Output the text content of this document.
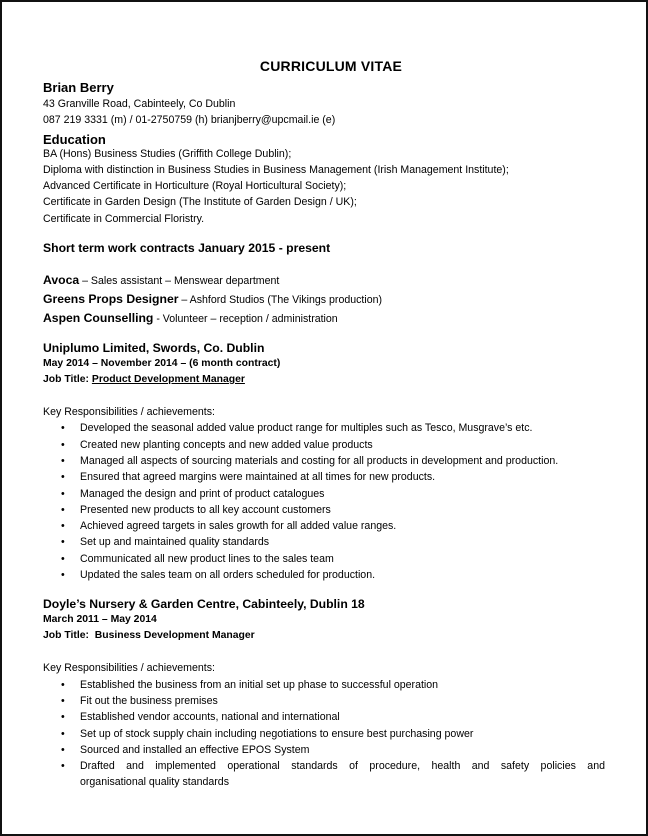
CURRICULUM VITAE
Brian Berry
43 Granville Road, Cabinteely, Co Dublin
087 219 3331 (m) / 01-2750759 (h) brianjberry@upcmail.ie (e)
Education
BA (Hons) Business Studies (Griffith College Dublin);
Diploma with distinction in Business Studies in Business Management (Irish Management Institute);
Advanced Certificate in Horticulture (Royal Horticultural Society);
Certificate in Garden Design (The Institute of Garden Design / UK);
Certificate in Commercial Floristry.
Short term work contracts January 2015 - present
Avoca – Sales assistant – Menswear department
Greens Props Designer – Ashford Studios (The Vikings production)
Aspen Counselling - Volunteer – reception / administration
Uniplumo Limited, Swords, Co. Dublin
May 2014 – November 2014 – (6 month contract)
Job Title: Product Development Manager
Key Responsibilities / achievements:
• Developed the seasonal added value product range for multiples such as Tesco, Musgrave’s etc.
• Created new planting concepts and new added value products
• Managed all aspects of sourcing materials and costing for all products in development and production.
• Ensured that agreed margins were maintained at all times for new products.
• Managed the design and print of product catalogues
• Presented new products to all key account customers
• Achieved agreed targets in sales growth for all added value ranges.
• Set up and maintained quality standards
• Communicated all new product lines to the sales team
• Updated the sales team on all orders scheduled for production.
Doyle’s Nursery & Garden Centre, Cabinteely, Dublin 18
March 2011 – May 2014
Job Title:  Business Development Manager
Key Responsibilities / achievements:
• Established the business from an initial set up phase to successful operation
• Fit out the business premises
• Established vendor accounts, national and international
• Set up of stock supply chain including negotiations to ensure best purchasing power
• Sourced and installed an effective EPOS System
• Drafted and implemented operational standards of procedure, health and safety policies and
organisational quality standards
